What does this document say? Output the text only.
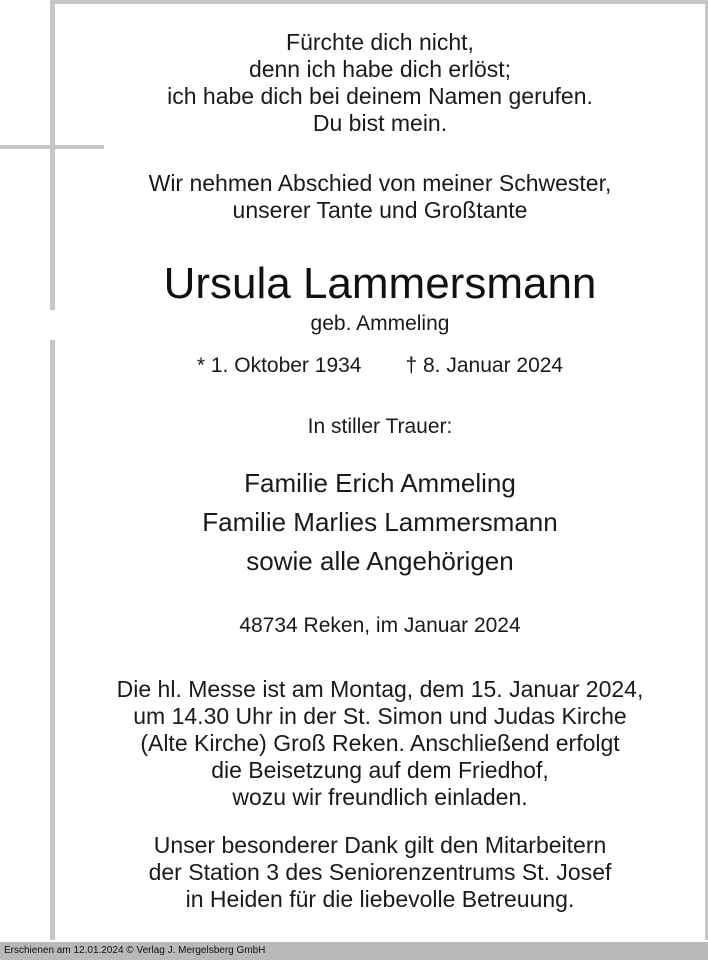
Fürchte dich nicht,
denn ich habe dich erlöst;
ich habe dich bei deinem Namen gerufen.
Du bist mein.
Wir nehmen Abschied von meiner Schwester,
unserer Tante und Großtante
Ursula Lammersmann
geb. Ammeling
* 1. Oktober 1934 † 8. Januar 2024
In stiller Trauer:
Familie Erich Ammeling
Familie Marlies Lammersmann
sowie alle Angehörigen
48734 Reken, im Januar 2024
Die hl. Messe ist am Montag, dem 15. Januar 2024,
um 14.30 Uhr in der St. Simon und Judas Kirche
(Alte Kirche) Groß Reken. Anschließend erfolgt
die Beisetzung auf dem Friedhof,
wozu wir freundlich einladen.
Unser besonderer Dank gilt den Mitarbeitern
der Station 3 des Seniorenzentrums St. Josef
in Heiden für die liebevolle Betreuung.
Erschienen am 12.01.2024 © Verlag J. Mergelsberg GmbH
